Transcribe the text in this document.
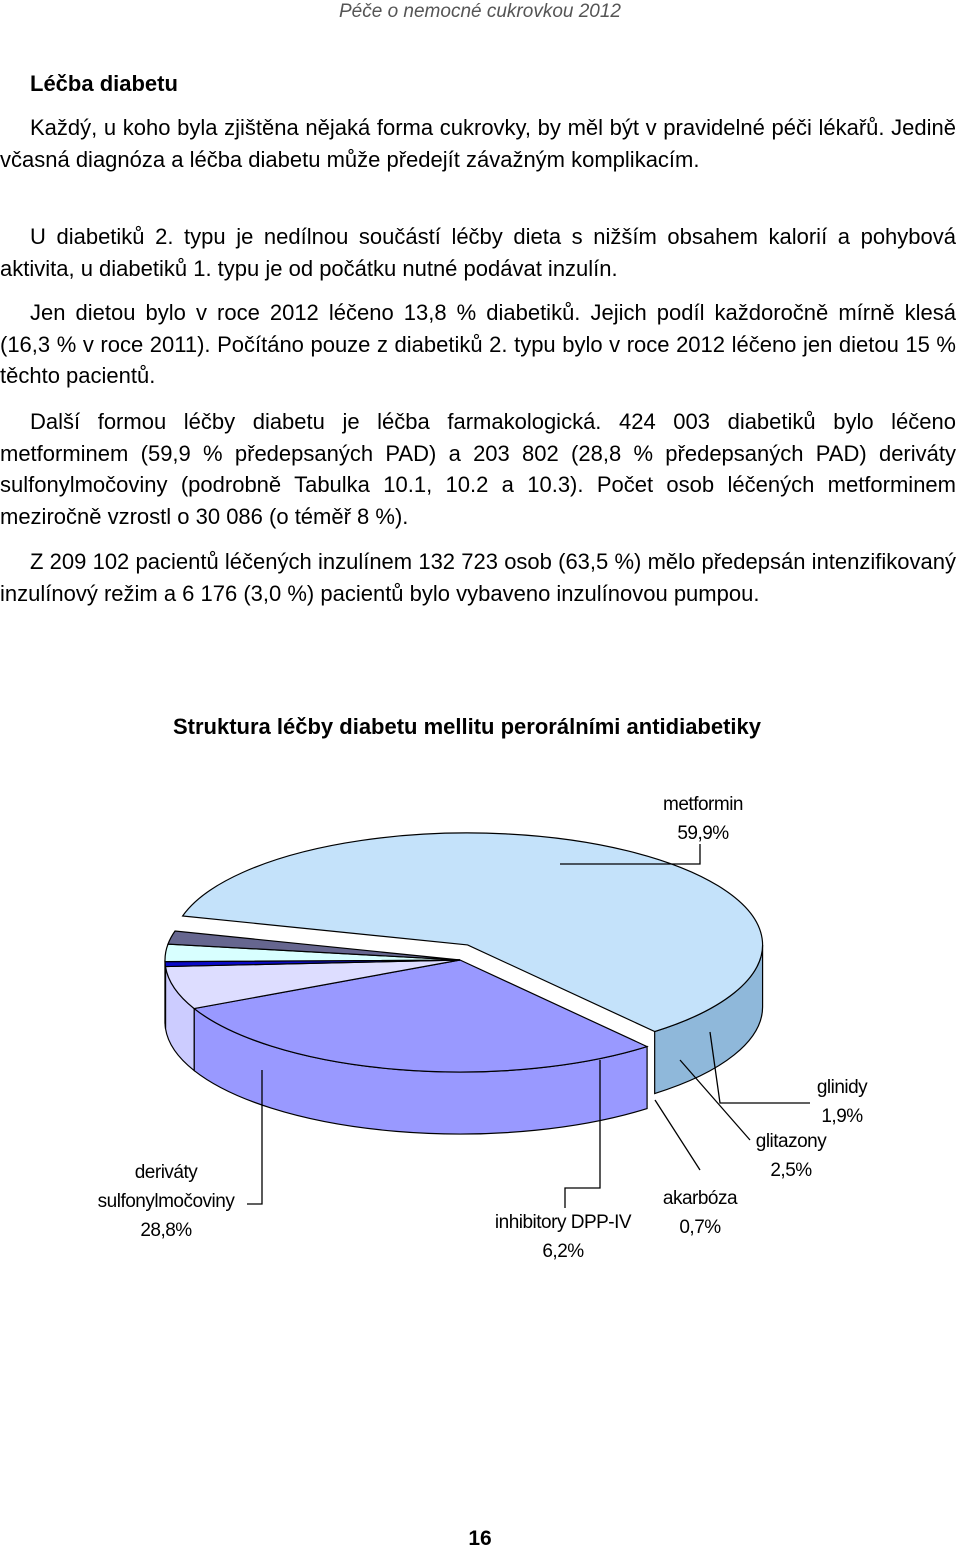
Péče o nemocné cukrovkou 2012
Léčba diabetu

Každý, u koho byla zjištěna nějaká forma cukrovky, by měl být v pravidelné péči lékařů. Jedině včasná diagnóza a léčba diabetu může předejít závažným komplikacím.

U diabetiků 2. typu je nedílnou součástí léčby dieta s nižším obsahem kalorií a pohybová aktivita, u diabetiků 1. typu je od počátku nutné podávat inzulín.

Jen dietou bylo v roce 2012 léčeno 13,8 % diabetiků. Jejich podíl každoročně mírně klesá (16,3 % v roce 2011). Počítáno pouze z diabetiků 2. typu bylo v roce 2012 léčeno jen dietou 15 % těchto pacientů.

Další formou léčby diabetu je léčba farmakologická. 424 003 diabetiků bylo léčeno metforminem (59,9 % předepsaných PAD) a 203 802 (28,8 % předepsaných PAD) deriváty sulfonylmočoviny (podrobně Tabulka 10.1, 10.2 a 10.3). Počet osob léčených metforminem meziročně vzrostl o 30 086 (o téměř 8 %).

Z 209 102 pacientů léčených inzulínem 132 723 osob (63,5 %) mělo předepsán intenzifikovaný inzulínový režim a 6 176 (3,0 %) pacientů bylo vybaveno inzulínovou pumpou.

Struktura léčby diabetu mellitu perorálními antidiabetiky
metformin
59,9%
deriváty sulfonylmočoviny
28,8%	inhibitory DPP-IV
6,2%
akarbóza
0,7%
glitazony
2,5%
glinidy
1,9%
16
